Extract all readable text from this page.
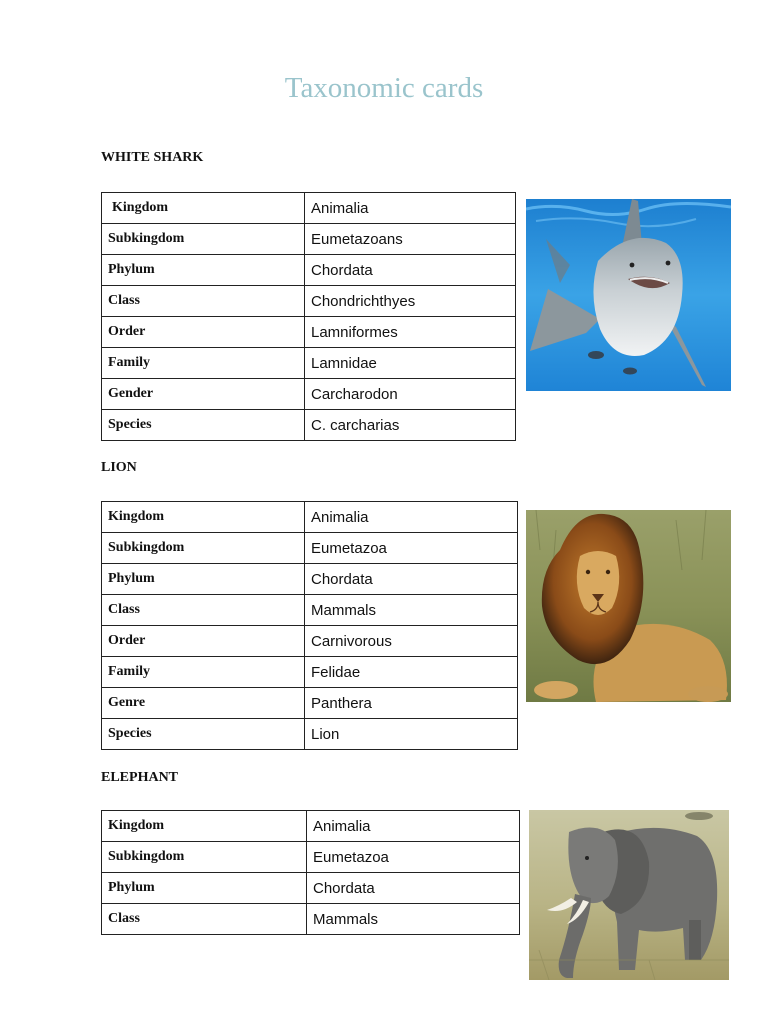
Taxonomic cards
WHITE SHARK
Kingdom	Animalia
Subkingdom	Eumetazoans
Phylum	Chordata
Class	Chondrichthyes
Order	Lamniformes
Family	Lamnidae
Gender	Carcharodon
Species	C. carcharias
LION
Kingdom	Animalia
Subkingdom	Eumetazoa
Phylum	Chordata
Class	Mammals
Order	Carnivorous
Family	Felidae
Genre	Panthera
Species	Lion
ELEPHANT
Kingdom	Animalia
Subkingdom	Eumetazoa
Phylum	Chordata
Class	Mammals
